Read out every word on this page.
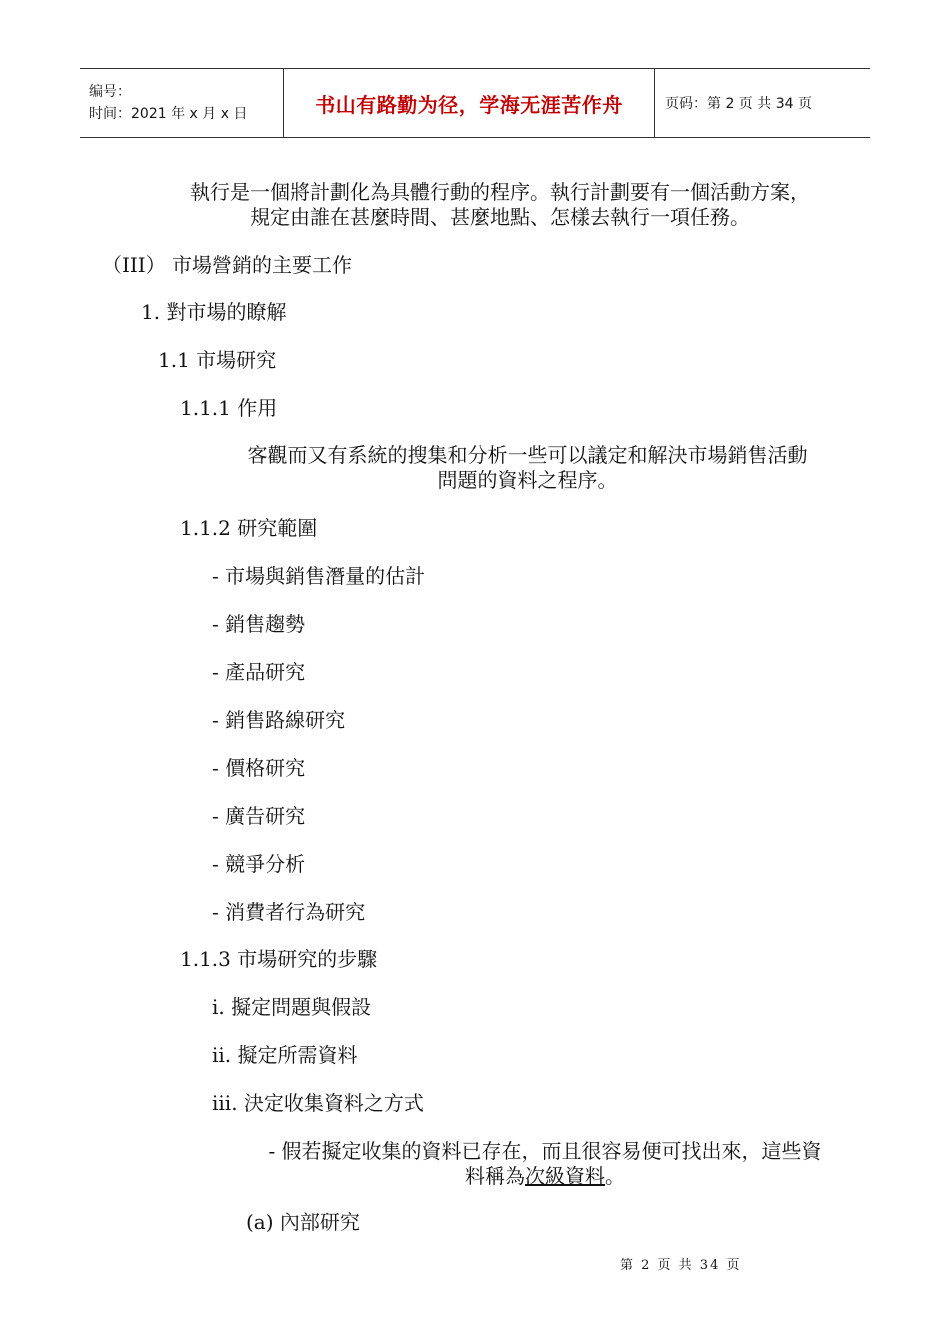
编号：
时间：2021 年 x 月 x 日	书山有路勤为径，学海无涯苦作舟	页码：第 2 页 共 34 页
執行是一個將計劃化為具體行動的程序。執行計劃要有一個活動方案，
規定由誰在甚麼時間、甚麼地點、怎樣去執行一項任務。
（III） 市場營銷的主要工作
1. 對市場的瞭解
1.1 市場研究
1.1.1 作用
客觀而又有系統的搜集和分析一些可以議定和解決市場銷售活動
問題的資料之程序。
1.1.2 研究範圍
- 市場與銷售潛量的估計
- 銷售趨勢
- 產品研究
- 銷售路線研究
- 價格研究
- 廣告研究
- 競爭分析
- 消費者行為研究
1.1.3 市場研究的步驟
i. 擬定問題與假設
ii. 擬定所需資料
iii. 決定收集資料之方式
- 假若擬定收集的資料已存在，而且很容易便可找出來，這些資
料稱為次級資料。
(a) 內部研究
第 2 页 共 34 页
